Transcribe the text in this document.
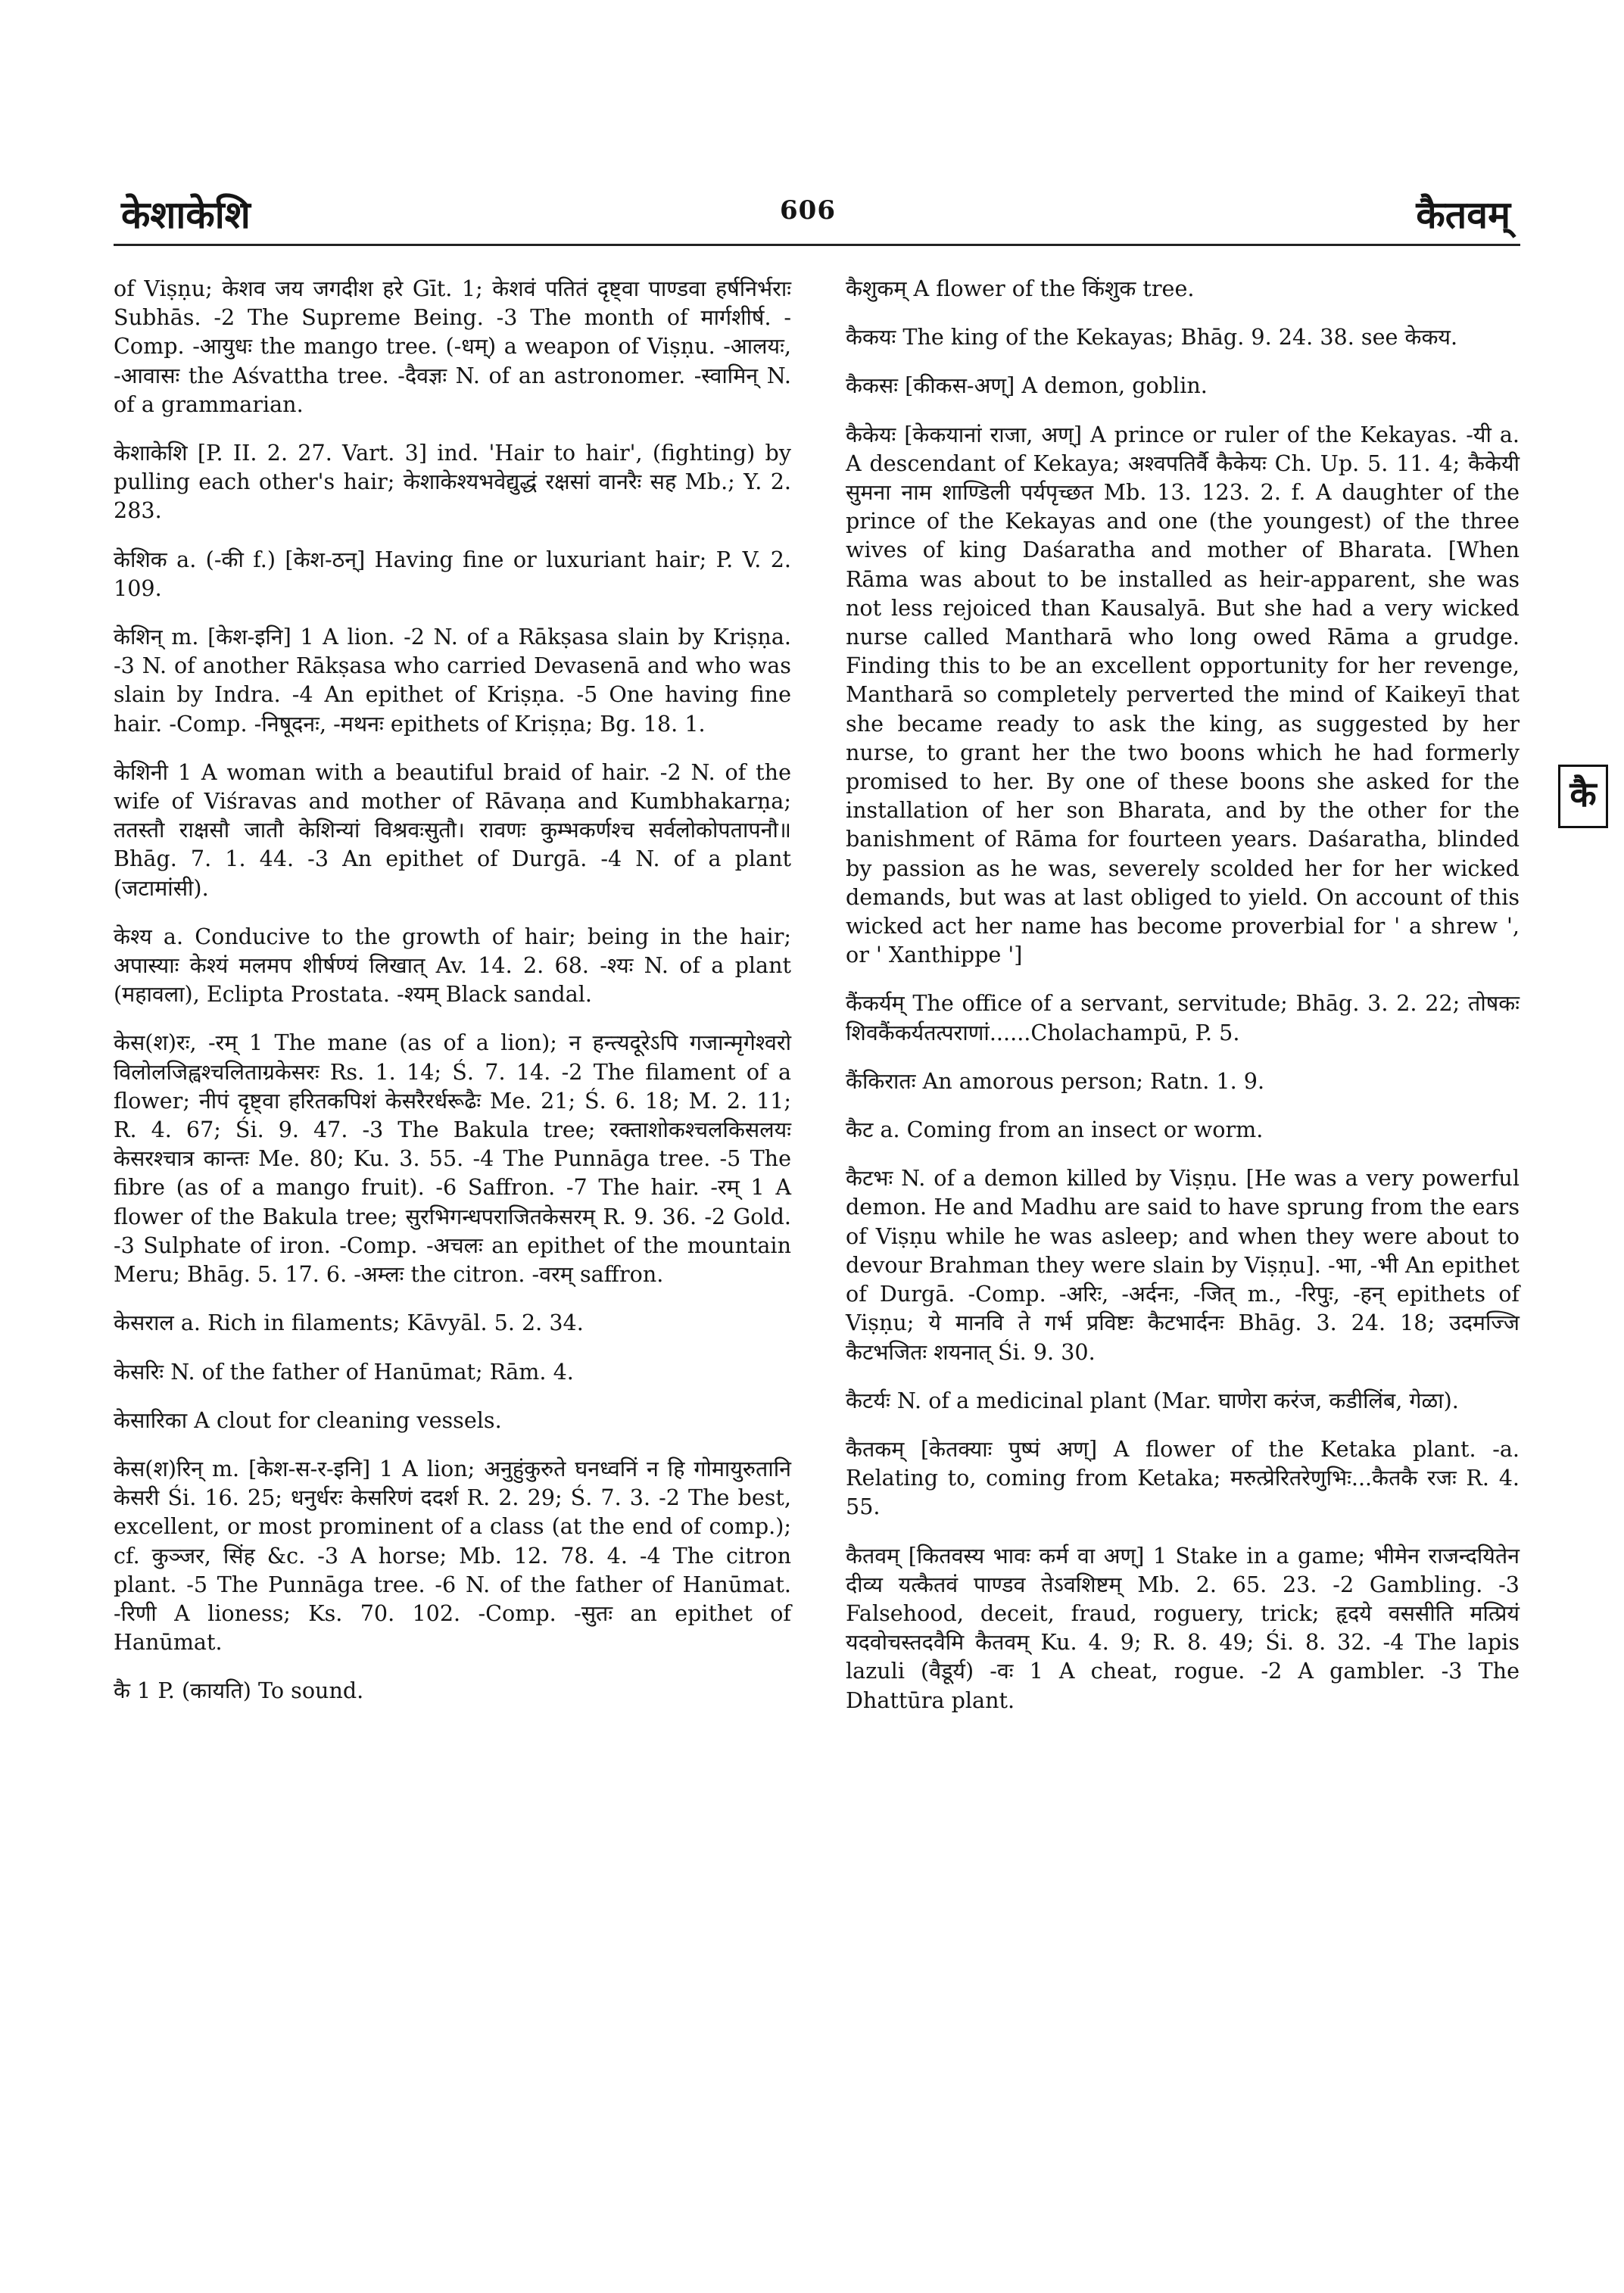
केशाकेशि	606	कैतवम्

of Viṣṇu; केशव जय जगदीश हरे Gīt. 1; केशवं पतितं दृष्ट्वा पाण्डवा हर्षनिर्भराः Subhās. -2 The Supreme Being. -3 The month of मार्गशीर्ष. -Comp. -आयुधः the mango tree. (-धम्) a weapon of Viṣṇu. -आलयः, -आवासः the Aśvattha tree. -दैवज्ञः N. of an astronomer. -स्वामिन् N. of a grammarian.

केशाकेशि [P. II. 2. 27. Vart. 3] ind. 'Hair to hair', (fighting) by pulling each other's hair; केशाकेश्यभवेद्युद्धं रक्षसां वानरैः सह Mb.; Y. 2. 283.

केशिक a. (-की f.) [केश-ठन्] Having fine or luxuriant hair; P. V. 2. 109.

केशिन् m. [केश-इनि] 1 A lion. -2 N. of a Rākṣasa slain by Kriṣṇa. -3 N. of another Rākṣasa who carried Devasenā and who was slain by Indra. -4 An epithet of Kriṣṇa. -5 One having fine hair. -Comp. -निषूदनः, -मथनः epithets of Kriṣṇa; Bg. 18. 1.

केशिनी 1 A woman with a beautiful braid of hair. -2 N. of the wife of Viśravas and mother of Rāvaṇa and Kumbhakarṇa; ततस्तौ राक्षसौ जातौ केशिन्यां विश्रवःसुतौ। रावणः कुम्भकर्णश्च सर्वलोकोपतापनौ॥ Bhāg. 7. 1. 44. -3 An epithet of Durgā. -4 N. of a plant (जटामांसी).

केश्य a. Conducive to the growth of hair; being in the hair; अपास्याः केश्यं मलमप शीर्षण्यं लिखात् Av. 14. 2. 68. -श्यः N. of a plant (महावला), Eclipta Prostata. -श्यम् Black sandal.

केस(श)रः, -रम् 1 The mane (as of a lion); न हन्त्यदूरेऽपि गजान्मृगेश्वरो विलोलजिह्वश्चलिताग्रकेसरः Rs. 1. 14; Ś. 7. 14. -2 The filament of a flower; नीपं दृष्ट्वा हरितकपिशं केसरैरर्धरूढैः Me. 21; Ś. 6. 18; M. 2. 11; R. 4. 67; Śi. 9. 47. -3 The Bakula tree; रक्ताशोकश्चलकिसलयः केसरश्चात्र कान्तः Me. 80; Ku. 3. 55. -4 The Punnāga tree. -5 The fibre (as of a mango fruit). -6 Saffron. -7 The hair. -रम् 1 A flower of the Bakula tree; सुरभिगन्धपराजितकेसरम् R. 9. 36. -2 Gold. -3 Sulphate of iron. -Comp. -अचलः an epithet of the mountain Meru; Bhāg. 5. 17. 6. -अम्लः the citron. -वरम् saffron.

केसराल a. Rich in filaments; Kāvyāl. 5. 2. 34.

केसरिः N. of the father of Hanūmat; Rām. 4.

केसारिका A clout for cleaning vessels.

केस(श)रिन् m. [केश-स-र-इनि] 1 A lion; अनुहुंकुरुते घनध्वनिं न हि गोमायुरुतानि केसरी Śi. 16. 25; धनुर्धरः केसरिणं ददर्श R. 2. 29; Ś. 7. 3. -2 The best, excellent, or most prominent of a class (at the end of comp.); cf. कुञ्जर, सिंह &c. -3 A horse; Mb. 12. 78. 4. -4 The citron plant. -5 The Punnāga tree. -6 N. of the father of Hanūmat. -रिणी A lioness; Ks. 70. 102. -Comp. -सुतः an epithet of Hanūmat.

कै 1 P. (कायति) To sound.

कैशुकम् A flower of the किंशुक tree.

कैकयः The king of the Kekayas; Bhāg. 9. 24. 38. see केकय.

कैकसः [कीकस-अण्] A demon, goblin.

कैकेयः [केकयानां राजा, अण्] A prince or ruler of the Kekayas. -यी a. A descendant of Kekaya; अश्वपतिर्वै कैकेयः Ch. Up. 5. 11. 4; कैकेयी सुमना नाम शाण्डिली पर्यपृच्छत Mb. 13. 123. 2. f. A daughter of the prince of the Kekayas and one (the youngest) of the three wives of king Daśaratha and mother of Bharata. [When Rāma was about to be installed as heir-apparent, she was not less rejoiced than Kausalyā. But she had a very wicked nurse called Mantharā who long owed Rāma a grudge. Finding this to be an excellent opportunity for her revenge, Mantharā so completely perverted the mind of Kaikeyī that she became ready to ask the king, as suggested by her nurse, to grant her the two boons which he had formerly promised to her. By one of these boons she asked for the installation of her son Bharata, and by the other for the banishment of Rāma for fourteen years. Daśaratha, blinded by passion as he was, severely scolded her for her wicked demands, but was at last obliged to yield. On account of this wicked act her name has become proverbial for ' a shrew ', or ' Xanthippe ']

कैंकर्यम् The office of a servant, servitude; Bhāg. 3. 2. 22; तोषकः शिवकैंकर्यतत्पराणां......Cholachampū, P. 5.

कैंकिरातः An amorous person; Ratn. 1. 9.

कैट a. Coming from an insect or worm.

कैटभः N. of a demon killed by Viṣṇu. [He was a very powerful demon. He and Madhu are said to have sprung from the ears of Viṣṇu while he was asleep; and when they were about to devour Brahman they were slain by Viṣṇu]. -भा, -भी An epithet of Durgā. -Comp. -अरिः, -अर्दनः, -जित् m., -रिपुः, -हन् epithets of Viṣṇu; ये मानवि ते गर्भ प्रविष्टः कैटभार्दनः Bhāg. 3. 24. 18; उदमज्जि कैटभजितः शयनात् Śi. 9. 30.

कैटर्यः N. of a medicinal plant (Mar. घाणेरा करंज, कडीलिंब, गेळा).

कैतकम् [केतक्याः पुष्पं अण्] A flower of the Ketaka plant. -a. Relating to, coming from Ketaka; मरुत्प्रेरितरेणुभिः...कैतकै रजः R. 4. 55.

कैतवम् [कितवस्य भावः कर्म वा अण्] 1 Stake in a game; भीमेन राजन्दयितेन दीव्य यत्कैतवं पाण्डव तेऽवशिष्टम् Mb. 2. 65. 23. -2 Gambling. -3 Falsehood, deceit, fraud, roguery, trick; हृदये वससीति मत्प्रियं यदवोचस्तदवैमि कैतवम् Ku. 4. 9; R. 8. 49; Śi. 8. 32. -4 The lapis lazuli (वैडूर्य) -वः 1 A cheat, rogue. -2 A gambler. -3 The Dhattūra plant.

कै
